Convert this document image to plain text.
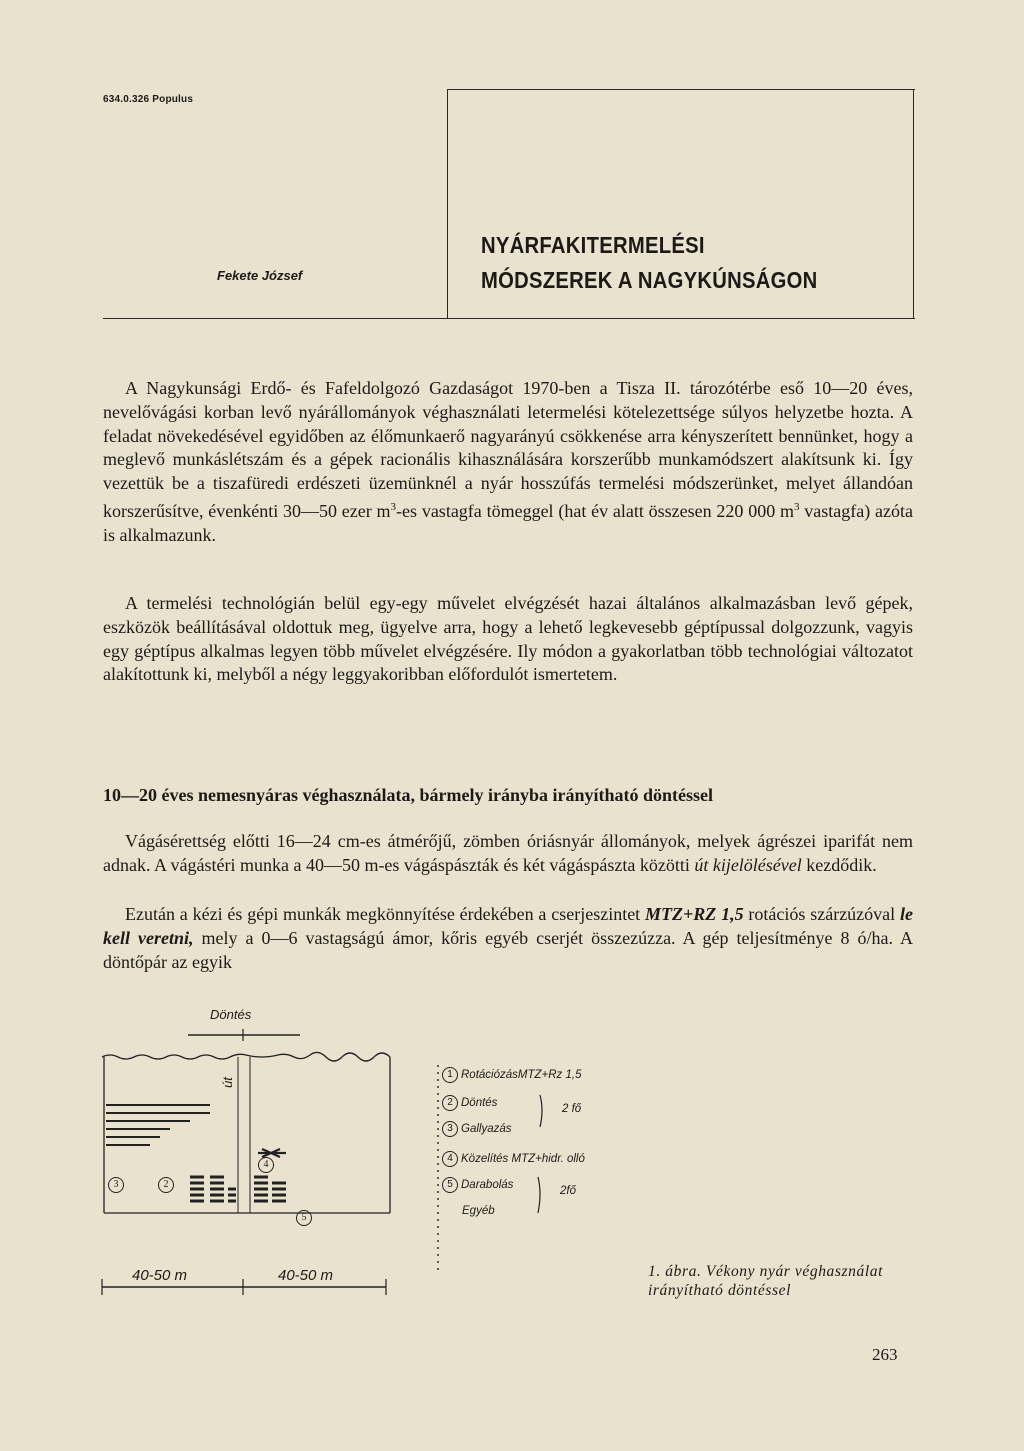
634.0.326 Populus
Fekete József
NYÁRFAKITERMELÉSI
MÓDSZEREK A NAGYKÚNSÁGON

A Nagykunsági Erdő- és Fafeldolgozó Gazdaságot 1970-ben a Tisza II. tározótérbe eső 10—20 éves, nevelővágási korban levő nyárállományok véghasználati letermelési kötelezettsége súlyos helyzetbe hozta. A feladat növekedésével egyidőben az élőmunkaerő nagyarányú csökkenése arra kényszerített bennünket, hogy a meglevő munkáslétszám és a gépek racionális kihasználására korszerűbb munkamódszert alakítsunk ki. Így vezettük be a tiszafüredi erdészeti üzemünknél a nyár hosszúfás termelési módszerünket, melyet állandóan korszerűsítve, évenkénti 30—50 ezer $m^3-es$ vastagfa tömeggel (hat év alatt összesen 220 000 $m^3$ vastagfa) azóta is alkalmazunk.

A termelési technológián belül egy-egy művelet elvégzését hazai általános alkalmazásban levő gépek, eszközök beállításával oldottuk meg, ügyelve arra, hogy a lehető legkevesebb géptípussal dolgozzunk, vagyis egy géptípus alkalmas legyen több művelet elvégzésére. Ily módon a gyakorlatban több technológiai változatot alakítottunk ki, melyből a négy leggyakoribban előfordulót ismertetem.

10—20 éves nemesnyáras véghasználata, bármely irányba irányítható döntéssel

Vágásérettség előtti 16—24 cm-es átmérőjű, zömben óriásnyár állományok, melyek ágrészei iparifát nem adnak. A vágástéri munka a 40—50 m-es vágáspászták és két vágáspászta közötti út kijelölésével kezdődik.

Ezután a kézi és gépi munkák megkönnyítése érdekében a cserjeszintet MTZ+RZ 1,5 rotációs szárzúzóval le kell veretni, mely a 0—6 vastagságú ámor, kőris egyéb cserjét összezúzza. A gép teljesítménye 8 ó/ha. A döntőpár az egyik

Döntés
út
40-50 m	40-50 m
3	2
4
5
1 RotációzásMTZ+Rz 1,5
2 Döntés
3 Gallyazás
4 Közelítés MTZ+hidr. olló
5 Darabolás
Egyéb
2 fő
2fő
1. ábra. Vékony nyár véghasználat irányítható döntéssel
263
